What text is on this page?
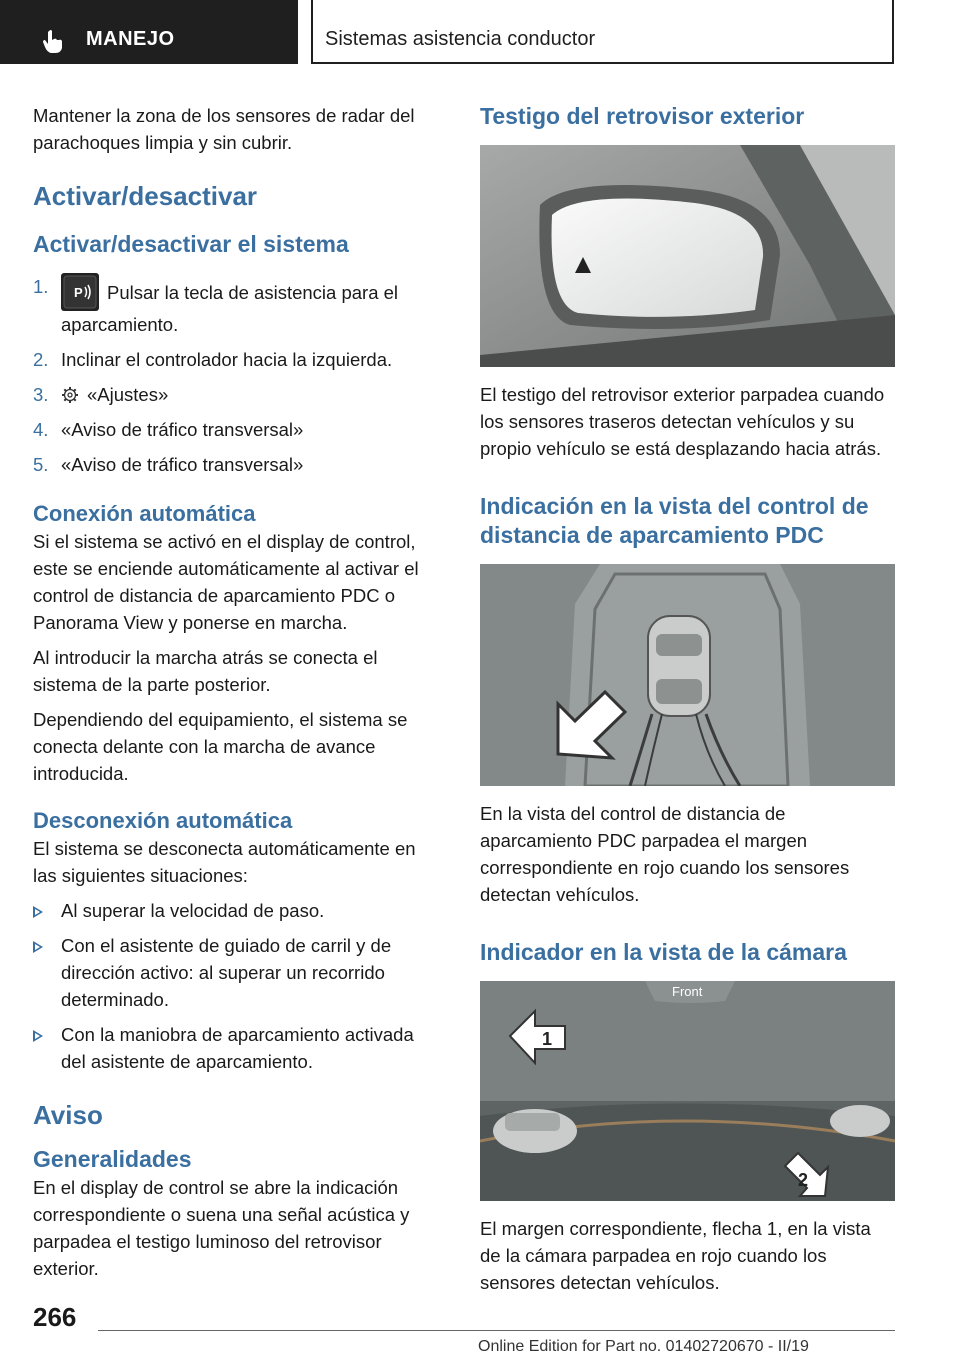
MANEJO	Sistemas asistencia conductor

Mantener la zona de los sensores de radar del parachoques limpia y sin cubrir.

Activar/desactivar
Activar/desactivar el sistema
1. P Pulsar la tecla de asistencia para el aparcamiento.
2. Inclinar el controlador hacia la izquierda.
3. «Ajustes»
4. «Aviso de tráfico transversal»
5. «Aviso de tráfico transversal»
Conexión automática

Si el sistema se activó en el display de control, este se enciende automáticamente al activar el control de distancia de aparcamiento PDC o Panorama View y ponerse en marcha.

Al introducir la marcha atrás se conecta el sistema de la parte posterior.

Dependiendo del equipamiento, el sistema se conecta delante con la marcha de avance introducida.

Desconexión automática

El sistema se desconecta automáticamente en las siguientes situaciones:

Al superar la velocidad de paso.
Con el asistente de guiado de carril y de dirección activo: al superar un recorrido determinado.
Con la maniobra de aparcamiento activada del asistente de aparcamiento.
Aviso
Generalidades

En el display de control se abre la indicación correspondiente o suena una señal acústica y parpadea el testigo luminoso del retrovisor exterior.

Testigo del retrovisor exterior

El testigo del retrovisor exterior parpadea cuando los sensores traseros detectan vehículos y su propio vehículo se está desplazando hacia atrás.

Indicación en la vista del control de distancia de aparcamiento PDC

En la vista del control de distancia de aparcamiento PDC parpadea el margen correspondiente en rojo cuando los sensores detectan vehículos.

Indicador en la vista de la cámara
Front
1
2

El margen correspondiente, flecha 1, en la vista de la cámara parpadea en rojo cuando los sensores detectan vehículos.

266
Online Edition for Part no. 01402720670 - II/19
